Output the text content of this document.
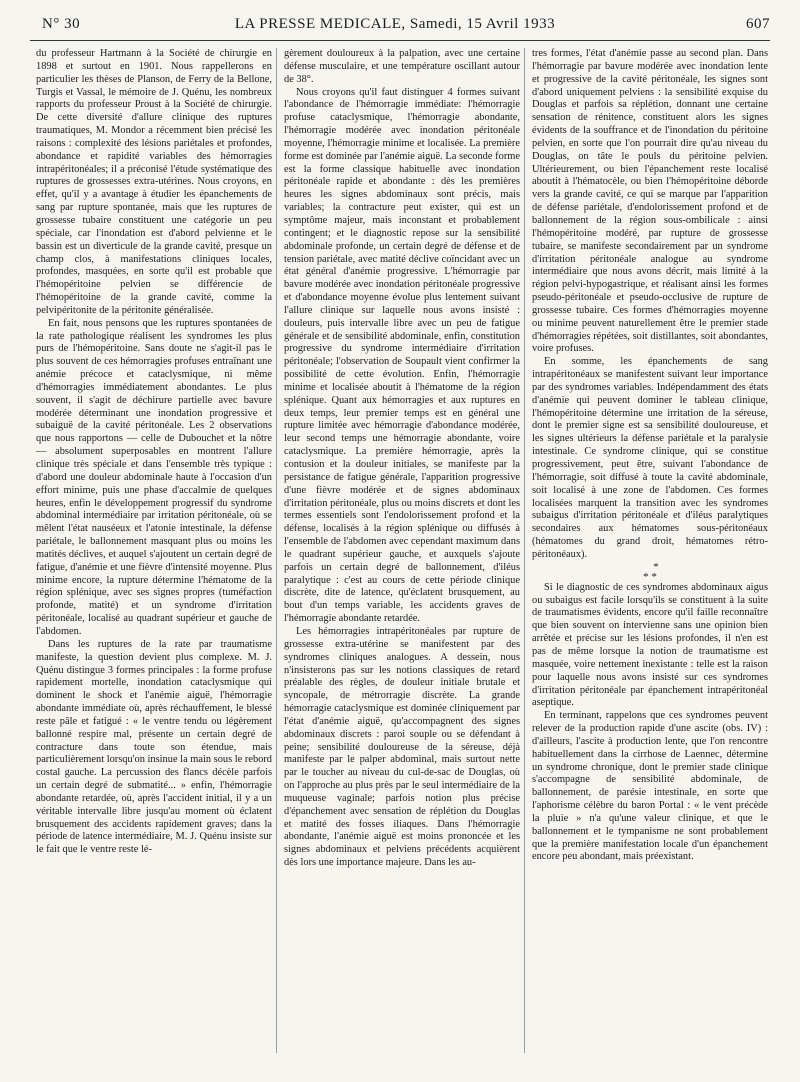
N° 30	LA PRESSE MEDICALE, Samedi, 15 Avril 1933	607

du professeur Hartmann à la Société de chirurgie en 1898 et surtout en 1901. Nous rappellerons en particulier les thèses de Planson, de Ferry de la Bellone, Turgis et Vassal, le mémoire de J. Quénu, les nombreux rapports du professeur Proust à la Société de chirurgie. De cette diversité d'allure clinique des ruptures traumatiques, M. Mondor a récemment bien précisé les raisons : complexité des lésions pariétales et profondes, abondance et rapidité variables des hémorragies intrapéritonéales; il a préconisé l'étude systématique des ruptures de grossesses extra-utérines. Nous croyons, en effet, qu'il y a avantage à étudier les épanchements de sang par rupture spontanée, mais que les ruptures de grossesse tubaire constituent une catégorie un peu spéciale, car l'inondation est d'abord pelvienne et le bassin est un diverticule de la grande cavité, presque un champ clos, à manifestations cliniques locales, profondes, masquées, en sorte qu'il est probable que l'hémopéritoine pelvien se différencie de l'hémopéritoine de la grande cavité, comme la pelvipéritonite de la péritonite généralisée.

En fait, nous pensons que les ruptures spontanées de la rate pathologique réalisent les syndromes les plus purs de l'hémopéritoine. Sans doute ne s'agit-il pas le plus souvent de ces hémorragies profuses entraînant une anémie précoce et cataclysmique, ni même d'hémorragies immédiatement abondantes. Le plus souvent, il s'agit de déchirure partielle avec bavure modérée déterminant une inondation progressive et subaiguë de la cavité péritonéale. Les 2 observations que nous rapportons — celle de Dubouchet et la nôtre — absolument superposables en montrent l'allure clinique très spéciale et dans l'ensemble très typique : d'abord une douleur abdominale haute à l'occasion d'un effort minime, puis une phase d'accalmie de quelques heures, enfin le développement progressif du syndrome abdominal intermédiaire par irritation péritonéale, où se mêlent l'état nauséeux et l'atonie intestinale, la défense pariétale, le ballonnement masquant plus ou moins les matités déclives, et auquel s'ajoutent un certain degré de fatigue, d'anémie et une fièvre d'intensité moyenne. Plus minime encore, la rupture détermine l'hématome de la région splénique, avec ses signes propres (tuméfaction profonde, matité) et un syndrome d'irritation péritonéale, localisé au quadrant supérieur et gauche de l'abdomen.

Dans les ruptures de la rate par traumatisme manifeste, la question devient plus complexe. M. J. Quénu distingue 3 formes principales : la forme profuse rapidement mortelle, inondation cataclysmique qui dominent le shock et l'anémie aiguë, l'hémorragie abondante immédiate où, après réchauffement, le blessé reste pâle et fatigué : « le ventre tendu ou légèrement ballonné respire mal, présente un certain degré de contracture dans toute son étendue, mais particulièrement lorsqu'on insinue la main sous le rebord costal gauche. La percussion des flancs décèle parfois un certain degré de submatité... » enfin, l'hémorragie abondante retardée, où, après l'accident initial, il y a un véritable intervalle libre jusqu'au moment où éclatent brusquement des accidents rapidement graves; dans la période de latence intermédiaire, M. J. Quénu insiste sur le fait que le ventre reste lé-

gèrement douloureux à la palpation, avec une certaine défense musculaire, et une température oscillant autour de 38°.

Nous croyons qu'il faut distinguer 4 formes suivant l'abondance de l'hémorragie immédiate: l'hémorragie profuse cataclysmique, l'hémorragie abondante, l'hémorragie modérée avec inondation péritonéale moyenne, l'hémorragie minime et localisée. La première forme est dominée par l'anémie aiguë. La seconde forme est la forme classique habituelle avec inondation péritonéale rapide et abondante : dès les premières heures les signes abdominaux sont précis, mais variables; la contracture peut exister, qui est un symptôme majeur, mais inconstant et probablement contingent; et le diagnostic repose sur la sensibilité abdominale profonde, un certain degré de défense et de tension pariétale, avec matité déclive coïncidant avec un état général d'anémie progressive. L'hémorragie par bavure modérée avec inondation péritonéale progressive et d'abondance moyenne évolue plus lentement suivant l'allure clinique sur laquelle nous avons insisté : douleurs, puis intervalle libre avec un peu de fatigue générale et de sensibilité abdominale, enfin, constitution progressive du syndrome intermédiaire d'irritation péritonéale; l'observation de Soupault vient confirmer la possibilité de cette évolution. Enfin, l'hémorragie minime et localisée aboutit à l'hématome de la région splénique. Quant aux hémorragies et aux ruptures en deux temps, leur premier temps est en général une rupture limitée avec hémorragie d'abondance modérée, leur second temps une hémorragie abondante, voire cataclysmique. La première hémorragie, après la contusion et la douleur initiales, se manifeste par la persistance de fatigue générale, l'apparition progressive d'une fièvre modérée et de signes abdominaux d'irritation péritonéale, plus ou moins discrets et dont les termes essentiels sont l'endolorissement profond et la défense, localisés à la région splénique ou diffusés à l'ensemble de l'abdomen avec cependant maximum dans le quadrant supérieur gauche, et auxquels s'ajoute parfois un certain degré de ballonnement, d'iléus paralytique : c'est au cours de cette période clinique discrète, dite de latence, qu'éclatent brusquement, au bout d'un temps variable, les accidents graves de l'hémorragie abondante retardée.

Les hémorragies intrapéritonéales par rupture de grossesse extra-utérine se manifestent par des syndromes cliniques analogues. A dessein, nous n'insisterons pas sur les notions classiques de retard préalable des règles, de douleur initiale brutale et syncopale, de métrorragie discrète. La grande hémorragie cataclysmique est dominée cliniquement par l'état d'anémie aiguë, qu'accompagnent des signes abdominaux discrets : paroi souple ou se défendant à peine; sensibilité douloureuse de la séreuse, déjà manifeste par le palper abdominal, mais surtout nette par le toucher au niveau du cul-de-sac de Douglas, où on l'approche au plus près par le seul intermédiaire de la muqueuse vaginale; parfois notion plus précise d'épanchement avec sensation de réplétion du Douglas et matité des fosses iliaques. Dans l'hémorragie abondante, l'anémie aiguë est moins prononcée et les signes abdominaux et pelviens précédents acquièrent dès lors une importance majeure. Dans les au-

tres formes, l'état d'anémie passe au second plan. Dans l'hémorragie par bavure modérée avec inondation lente et progressive de la cavité péritonéale, les signes sont d'abord uniquement pelviens : la sensibilité exquise du Douglas et parfois sa réplétion, donnant une certaine sensation de rénitence, constituent alors les signes évidents de la souffrance et de l'inondation du péritoine pelvien, en sorte que l'on pourrait dire qu'au niveau du Douglas, on tâte le pouls du péritoine pelvien. Ultérieurement, ou bien l'épanchement reste localisé aboutit à l'hématocèle, ou bien l'hémopéritoine déborde vers la grande cavité, ce qui se marque par l'apparition de défense pariétale, d'endolorissement profond et de ballonnement de la région sous-ombilicale : ainsi l'hémopéritoine modéré, par rupture de grossesse tubaire, se manifeste secondairement par un syndrome d'irritation péritonéale analogue au syndrome intermédiaire que nous avons décrit, mais limité à la région pelvi-hypogastrique, et réalisant ainsi les formes pseudo-péritonéale et pseudo-occlusive de rupture de grossesse tubaire. Ces formes d'hémorragies moyenne ou minime peuvent naturellement être le premier stade d'hémorragies répétées, soit distillantes, soit abondantes, voire profuses.

En somme, les épanchements de sang intrapéritonéaux se manifestent suivant leur importance par des syndromes variables. Indépendamment des états d'anémie qui peuvent dominer le tableau clinique, l'hémopéritoine détermine une irritation de la séreuse, dont le premier signe est sa sensibilité douloureuse, et les signes ultérieurs la défense pariétale et la paralysie intestinale. Ce syndrome clinique, qui se constitue progressivement, peut être, suivant l'abondance de l'hémorragie, soit diffusé à toute la cavité abdominale, soit localisé à une zone de l'abdomen. Ces formes localisées marquent la transition avec les syndromes subaigus d'irritation péritonéale et d'iléus paralytiques secondaires aux hématomes sous-péritonéaux (hématomes du grand droit, hématomes rétro-péritonéaux).

*
* *

Si le diagnostic de ces syndromes abdominaux aigus ou subaigus est facile lorsqu'ils se constituent à la suite de traumatismes évidents, encore qu'il faille reconnaître que bien souvent on intervienne sans une opinion bien arrêtée et précise sur les lésions profondes, il n'en est pas de même lorsque la notion de traumatisme est masquée, voire nettement inexistante : telle est la raison pour laquelle nous avons insisté sur ces syndromes d'irritation péritonéale par épanchement intrapéritonéal aseptique.

En terminant, rappelons que ces syndromes peuvent relever de la production rapide d'une ascite (obs. IV) : d'ailleurs, l'ascite à production lente, que l'on rencontre habituellement dans la cirrhose de Laennec, détermine un syndrome chronique, dont le premier stade clinique s'accompagne de sensibilité abdominale, de ballonnement, de parésie intestinale, en sorte que l'aphorisme célèbre du baron Portal : « le vent précède la pluie » n'a qu'une valeur clinique, et que le ballonnement et le tympanisme ne sont probablement que la première manifestation locale d'un épanchement encore peu abondant, mais préexistant.
